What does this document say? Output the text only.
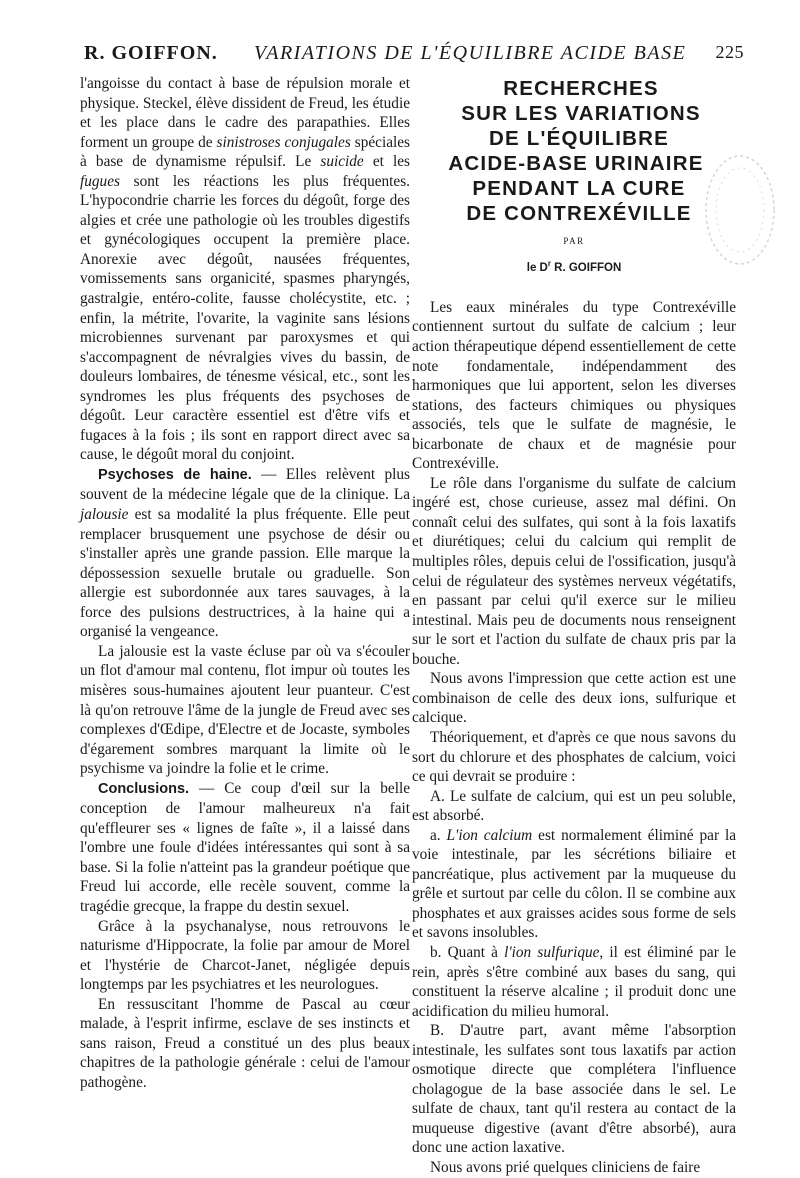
R. GOIFFON. VARIATIONS DE L'ÉQUILIBRE ACIDE BASE 225

l'angoisse du contact à base de répulsion morale et physique. Steckel, élève dissident de Freud, les étudie et les place dans le cadre des parapathies. Elles forment un groupe de sinistroses conjugales spéciales à base de dynamisme répulsif. Le suicide et les fugues sont les réactions les plus fréquentes. L'hypocondrie charrie les forces du dégoût, forge des algies et crée une pathologie où les troubles digestifs et gynécologiques occupent la première place. Anorexie avec dégoût, nausées fréquentes, vomissements sans organicité, spasmes pharyngés, gastralgie, entéro-colite, fausse cholécystite, etc. ; enfin, la métrite, l'ovarite, la vaginite sans lésions microbiennes survenant par paroxysmes et qui s'accompagnent de névralgies vives du bassin, de douleurs lombaires, de ténesme vésical, etc., sont les syndromes les plus fréquents des psychoses de dégoût. Leur caractère essentiel est d'être vifs et fugaces à la fois ; ils sont en rapport direct avec sa cause, le dégoût moral du conjoint.

Psychoses de haine. — Elles relèvent plus souvent de la médecine légale que de la clinique. La jalousie est sa modalité la plus fréquente. Elle peut remplacer brusquement une psychose de désir ou s'installer après une grande passion. Elle marque la dépossession sexuelle brutale ou graduelle. Son allergie est subordonnée aux tares sauvages, à la force des pulsions destructrices, à la haine qui a organisé la vengeance.

La jalousie est la vaste écluse par où va s'écouler un flot d'amour mal contenu, flot impur où toutes les misères sous-humaines ajoutent leur puanteur. C'est là qu'on retrouve l'âme de la jungle de Freud avec ses complexes d'Œdipe, d'Electre et de Jocaste, symboles d'égarement sombres marquant la limite où le psychisme va joindre la folie et le crime.

Conclusions. — Ce coup d'œil sur la belle conception de l'amour malheureux n'a fait qu'effleurer ses « lignes de faîte », il a laissé dans l'ombre une foule d'idées intéressantes qui sont à sa base. Si la folie n'atteint pas la grandeur poétique que Freud lui accorde, elle recèle souvent, comme la tragédie grecque, la frappe du destin sexuel.

Grâce à la psychanalyse, nous retrouvons le naturisme d'Hippocrate, la folie par amour de Morel et l'hystérie de Charcot-Janet, négligée depuis longtemps par les psychiatres et les neurologues.

En ressuscitant l'homme de Pascal au cœur malade, à l'esprit infirme, esclave de ses instincts et sans raison, Freud a constitué un des plus beaux chapitres de la pathologie générale : celui de l'amour pathogène.

RECHERCHES
SUR LES VARIATIONS
DE L'ÉQUILIBRE
ACIDE-BASE URINAIRE
PENDANT LA CURE
DE CONTREXÉVILLE
PAR
le $D^r$ R. GOIFFON

Les eaux minérales du type Contrexéville contiennent surtout du sulfate de calcium ; leur action thérapeutique dépend essentiellement de cette note fondamentale, indépendamment des harmoniques que lui apportent, selon les diverses stations, des facteurs chimiques ou physiques associés, tels que le sulfate de magnésie, le bicarbonate de chaux et de magnésie pour Contrexéville.

Le rôle dans l'organisme du sulfate de calcium ingéré est, chose curieuse, assez mal défini. On connaît celui des sulfates, qui sont à la fois laxatifs et diurétiques; celui du calcium qui remplit de multiples rôles, depuis celui de l'ossification, jusqu'à celui de régulateur des systèmes nerveux végétatifs, en passant par celui qu'il exerce sur le milieu intestinal. Mais peu de documents nous renseignent sur le sort et l'action du sulfate de chaux pris par la bouche.

Nous avons l'impression que cette action est une combinaison de celle des deux ions, sulfurique et calcique.

Théoriquement, et d'après ce que nous savons du sort du chlorure et des phosphates de calcium, voici ce qui devrait se produire :

A. Le sulfate de calcium, qui est un peu soluble, est absorbé.

a. L'ion calcium est normalement éliminé par la voie intestinale, par les sécrétions biliaire et pancréatique, plus activement par la muqueuse du grêle et surtout par celle du côlon. Il se combine aux phosphates et aux graisses acides sous forme de sels et savons insolubles.

b. Quant à l'ion sulfurique, il est éliminé par le rein, après s'être combiné aux bases du sang, qui constituent la réserve alcaline ; il produit donc une acidification du milieu humoral.

B. D'autre part, avant même l'absorption intestinale, les sulfates sont tous laxatifs par action osmotique directe que complétera l'influence cholagogue de la base associée dans le sel. Le sulfate de chaux, tant qu'il restera au contact de la muqueuse digestive (avant d'être absorbé), aura donc une action laxative.

Nous avons prié quelques cliniciens de faire
